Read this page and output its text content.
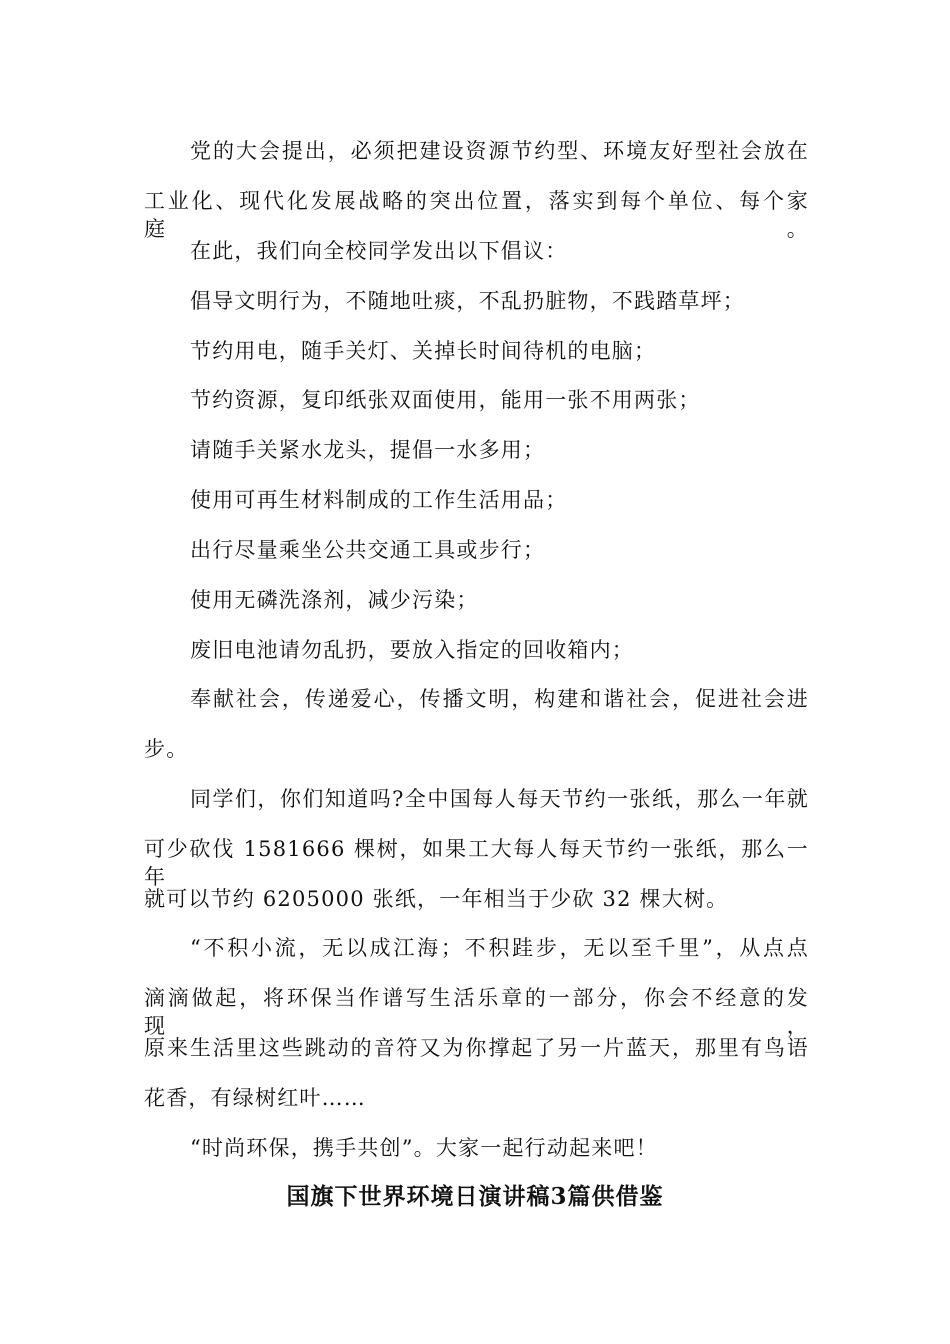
党的大会提出，必须把建设资源节约型、环境友好型社会放在
工业化、现代化发展战略的突出位置，落实到每个单位、每个家庭。
在此，我们向全校同学发出以下倡议：
倡导文明行为，不随地吐痰，不乱扔脏物，不践踏草坪；
节约用电，随手关灯、关掉长时间待机的电脑；
节约资源，复印纸张双面使用，能用一张不用两张；
请随手关紧水龙头，提倡一水多用；
使用可再生材料制成的工作生活用品；
出行尽量乘坐公共交通工具或步行；
使用无磷洗涤剂，减少污染；
废旧电池请勿乱扔，要放入指定的回收箱内；
奉献社会，传递爱心，传播文明，构建和谐社会，促进社会进
步。
同学们，你们知道吗?全中国每人每天节约一张纸，那么一年就
可少砍伐 1581666 棵树，如果工大每人每天节约一张纸，那么一年
就可以节约 6205000 张纸，一年相当于少砍 32 棵大树。
“不积小流，无以成江海；不积跬步，无以至千里”，从点点
滴滴做起，将环保当作谱写生活乐章的一部分，你会不经意的发现，
原来生活里这些跳动的音符又为你撑起了另一片蓝天，那里有鸟语
花香，有绿树红叶……
“时尚环保，携手共创”。大家一起行动起来吧！
国旗下世界环境日演讲稿3篇供借鉴
